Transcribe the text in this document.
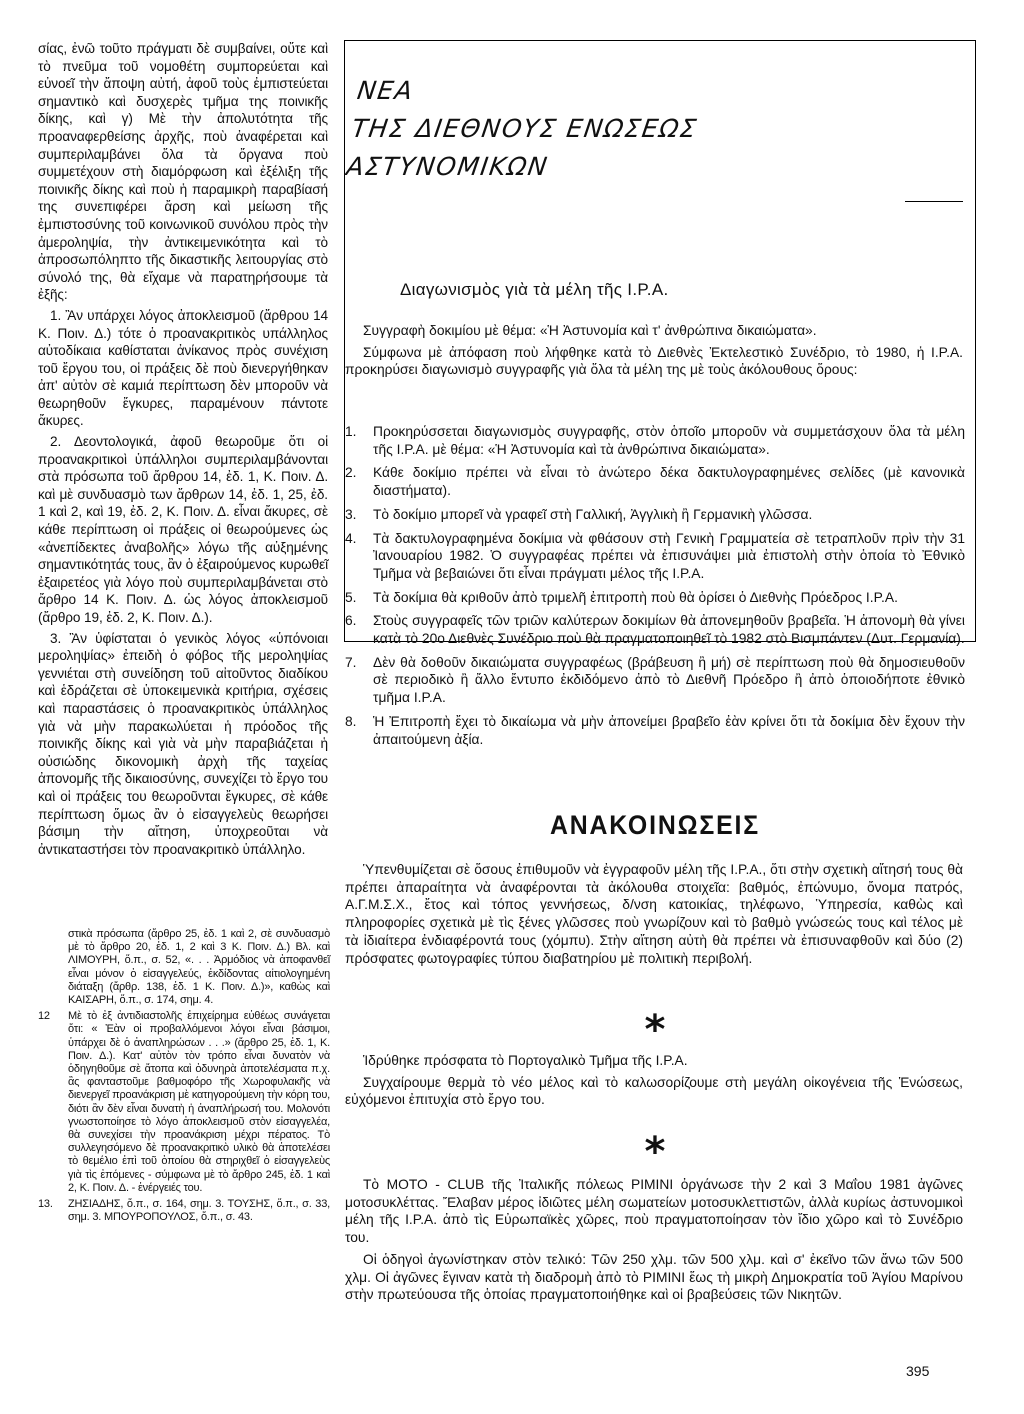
σίας, ἐνῶ τοῦτο πράγματι δὲ συμβαίνει, οὔτε καὶ τὸ πνεῦμα τοῦ νομοθέτη συμπορεύεται καὶ εὐνοεῖ τὴν ἄποψη αὐτή, ἀφοῦ τοὺς ἐμπιστεύεται σημαντικὸ καὶ δυσχερὲς τμῆμα της ποινικῆς δίκης, καὶ γ) Μὲ τὴν ἀπολυτότητα τῆς προαναφερθείσης ἀρχῆς, ποὺ ἀναφέρεται καὶ συμπεριλαμβάνει ὅλα τὰ ὄργανα ποὺ συμμετέχουν στὴ διαμόρφωση καὶ ἐξέλιξη τῆς ποινικῆς δίκης καὶ ποὺ ἡ παραμικρὴ παραβίασή της συνεπιφέρει ἄρση καὶ μείωση τῆς ἐμπιστοσύνης τοῦ κοινωνικοῦ συνόλου πρὸς τὴν ἀμεροληψία, τὴν ἀντικειμενικότητα καὶ τὸ ἀπροσωπόληπτο τῆς δικαστικῆς λειτουργίας στὸ σύνολό της, θὰ εἴχαμε νὰ παρατηρήσουμε τὰ ἐξῆς:

1. Ἂν υπάρχει λόγος ἀποκλεισμοῦ (ἄρθρου 14 Κ. Ποιν. Δ.) τότε ὁ προανακριτικὸς υπάλληλος αὐτοδίκαια καθίσταται ἀνίκανος πρὸς συνέχιση τοῦ ἔργου του, οἱ πράξεις δὲ ποὺ διενεργήθηκαν ἀπ' αὐτὸν σὲ καμιά περίπτωση δὲν μποροῦν νὰ θεωρηθοῦν ἔγκυρες, παραμένουν πάντοτε ἄκυρες.

2. Δεοντολογικά, ἀφοῦ θεωροῦμε ὅτι οἱ προανακριτικοὶ ὑπάλληλοι συμπεριλαμβάνονται στὰ πρόσωπα τοῦ ἄρθρου 14, ἐδ. 1, Κ. Ποιν. Δ. καὶ μὲ συνδυασμὸ των ἄρθρων 14, ἐδ. 1, 25, ἐδ. 1 καὶ 2, καὶ 19, ἐδ. 2, Κ. Ποιν. Δ. εἶναι ἄκυρες, σὲ κάθε περίπτωση οἱ πράξεις οἱ θεωρούμενες ὡς «ἀνεπίδεκτες ἀναβολῆς» λόγω τῆς αὐξημένης σημαντικότητάς τους, ἂν ὁ ἐξαιρούμενος κυρωθεῖ ἐξαιρετέος γιὰ λόγο ποὺ συμπεριλαμβάνεται στὸ ἄρθρο 14 Κ. Ποιν. Δ. ὡς λόγος ἀποκλεισμοῦ (ἄρθρο 19, ἐδ. 2, Κ. Ποιν. Δ.).

3. Ἂν ὑφίσταται ὁ γενικὸς λόγος «ὑπόνοιαι μεροληψίας» ἐπειδὴ ὁ φόβος τῆς μεροληψίας γεννιέται στὴ συνείδηση τοῦ αἰτοῦντος διαδίκου καὶ ἑδράζεται σὲ ὑποκειμενικὰ κριτήρια, σχέσεις καὶ παραστάσεις ὁ προανακριτικὸς ὑπάλληλος γιὰ νὰ μὴν παρακωλύεται ἡ πρόοδος τῆς ποινικῆς δίκης καὶ γιὰ νὰ μὴν παραβιάζεται ἡ οὐσιώδης δικονομικὴ ἀρχὴ τῆς ταχείας ἀπονομῆς τῆς δικαιοσύνης, συνεχίζει τὸ ἔργο του καὶ οἱ πράξεις του θεωροῦνται ἔγκυρες, σὲ κάθε περίπτωση ὅμως ἂν ὁ εἰσαγγελεὺς θεωρήσει βάσιμη τὴν αἴτηση, ὑποχρεοῦται νὰ ἀντικαταστήσει τὸν προανακριτικὸ ὑπάλληλο.

στικὰ πρόσωπα (ἄρθρο 25, ἐδ. 1 καὶ 2, σὲ συνδυασμὸ μὲ τὸ ἄρθρο 20, ἐδ. 1, 2 καὶ 3 Κ. Ποιν. Δ.) Βλ. καὶ ΛΙΜΟΥΡΗ, ὅ.π., σ. 52, «. . . Ἀρμόδιος νὰ ἀποφανθεῖ εἶναι μόνον ὁ εἰσαγγελεύς, ἐκδίδοντας αἰτιολογημένη διάταξη (ἄρθρ. 138, ἐδ. 1 Κ. Ποιν. Δ.)», καθὼς καὶ ΚΑΙΣΑΡΗ, ὅ.π., σ. 174, σημ. 4.
12	Μὲ τὸ ἐξ ἀντιδιαστολῆς ἐπιχείρημα εὐθέως συνάγεται ὅτι: « Ἐὰν οἱ προβαλλόμενοι λόγοι εἶναι βάσιμοι, ὑπάρχει δὲ ὁ ἀναπληρώσων . . .» (ἄρθρο 25, ἐδ. 1, Κ. Ποιν. Δ.). Κατ' αὐτὸν τὸν τρόπο εἶναι δυνατὸν νὰ ὁδηγηθοῦμε σὲ ἄτοπα καὶ ὀδυνηρὰ ἀποτελέσματα π.χ. ἂς φανταστοῦμε βαθμοφόρο τῆς Χωροφυλακῆς νὰ διενεργεῖ προανάκριση μὲ κατηγορούμενη τὴν κόρη του, διότι ἂν δὲν εἶναι δυνατὴ ἡ ἀναπλήρωσή του. Μολονότι γνωστοποίησε τὸ λόγο ἀποκλεισμοῦ στὸν εἰσαγγελέα, θὰ συνεχίσει τὴν προανάκριση μέχρι πέρατος. Τὸ συλλεγησόμενο δὲ προανακριτικὸ υλικὸ θὰ ἀποτελέσει τὸ θεμέλιο ἐπὶ τοῦ ὁποίου θὰ στηριχθεῖ ὁ εἰσαγγελεὺς γιὰ τὶς ἐπόμενες - σύμφωνα μὲ τὸ ἄρθρο 245, ἐδ. 1 καὶ 2, Κ. Ποιν. Δ. - ἐνέργειές του.
13.	ΖΗΣΙΑΔΗΣ, ὅ.π., σ. 164, σημ. 3. ΤΟΥΣΗΣ, ὅ.π., σ. 33, σημ. 3. ΜΠΟΥΡΟΠΟΥΛΟΣ, ὅ.π., σ. 43.
ΝΕΑ
ΤΗΣ ΔΙΕΘΝΟΥΣ ΕΝΩΣΕΩΣ
ΑΣΤΥΝΟΜΙΚΩΝ
Διαγωνισμὸς γιὰ τὰ μέλη τῆς Ι.Ρ.Α.

Συγγραφὴ δοκιμίου μὲ θέμα: «Ἡ Ἀστυνομία καὶ τ' ἀνθρώπινα δικαιώματα».

Σύμφωνα μὲ ἀπόφαση ποὺ λήφθηκε κατὰ τὸ Διεθνὲς Ἐκτελεστικὸ Συνέδριο, τὸ 1980, ἡ Ι.Ρ.Α. προκηρύσει διαγωνισμὸ συγγραφῆς γιὰ ὅλα τὰ μέλη της μὲ τοὺς ἀκόλουθους ὅρους:

1. Προκηρύσσεται διαγωνισμὸς συγγραφῆς, στὸν ὁποῖο μποροῦν νὰ συμμετάσχουν ὅλα τὰ μέλη τῆς Ι.Ρ.Α. μὲ θέμα: «Ἡ Ἀστυνομία καὶ τὰ ἀνθρώπινα δικαιώματα».
2. Κάθε δοκίμιο πρέπει νὰ εἶναι τὸ ἀνώτερο δέκα δακτυλογραφημένες σελίδες (μὲ κανονικὰ διαστήματα).
3. Τὸ δοκίμιο μπορεῖ νὰ γραφεῖ στὴ Γαλλική, Ἀγγλικὴ ἢ Γερμανικὴ γλῶσσα.
4. Τὰ δακτυλογραφημένα δοκίμια νὰ φθάσουν στὴ Γενικὴ Γραμματεία σὲ τετραπλοῦν πρὶν τὴν 31 Ἰανουαρίου 1982. Ὁ συγγραφέας πρέπει νὰ ἐπισυνάψει μιὰ ἐπιστολὴ στὴν ὁποία τὸ Ἐθνικὸ Τμῆμα νὰ βεβαιώνει ὅτι εἶναι πράγματι μέλος τῆς Ι.Ρ.Α.
5. Τὰ δοκίμια θὰ κριθοῦν ἀπὸ τριμελῆ ἐπιτροπὴ ποὺ θὰ ὁρίσει ὁ Διεθνὴς Πρόεδρος Ι.Ρ.Α.
6. Στοὺς συγγραφεῖς τῶν τριῶν καλύτερων δοκιμίων θὰ ἀπονεμηθοῦν βραβεῖα. Ἡ ἀπονομὴ θὰ γίνει κατὰ τὸ 20ο Διεθνὲς Συνέδριο ποὺ θὰ πραγματοποιηθεῖ τὸ 1982 στὸ Βισμπάντεν (Δυτ. Γερμανία).
7. Δὲν θὰ δοθοῦν δικαιώματα συγγραφέως (βράβευση ἢ μή) σὲ περίπτωση ποὺ θὰ δημοσιευθοῦν σὲ περιοδικὸ ἢ ἄλλο ἔντυπο ἐκδιδόμενο ἀπὸ τὸ Διεθνῆ Πρόεδρο ἢ ἀπὸ ὁποιοδήποτε ἐθνικὸ τμῆμα Ι.Ρ.Α.
8. Ἡ Ἐπιτροπὴ ἔχει τὸ δικαίωμα νὰ μὴν ἀπονείμει βραβεῖο ἐὰν κρίνει ὅτι τὰ δοκίμια δὲν ἔχουν τὴν ἀπαιτούμενη ἀξία.
ΑΝΑΚΟΙΝΩΣΕΙΣ

Ὑπενθυμίζεται σὲ ὅσους ἐπιθυμοῦν νὰ ἐγγραφοῦν μέλη τῆς Ι.Ρ.Α., ὅτι στὴν σχετικὴ αἴτησή τους θὰ πρέπει ἀπαραίτητα νὰ ἀναφέρονται τὰ ἀκόλουθα στοιχεῖα: βαθμός, ἐπώνυμο, ὄνομα πατρός, Α.Γ.Μ.Σ.Χ., ἔτος καὶ τόπος γεννήσεως, δ/νση κατοικίας, τηλέφωνο, Ὑπηρεσία, καθὼς καὶ πληροφορίες σχετικὰ μὲ τὶς ξένες γλῶσσες ποὺ γνωρίζουν καὶ τὸ βαθμὸ γνώσεώς τους καὶ τέλος μὲ τὰ ἰδιαίτερα ἐνδιαφέροντά τους (χόμπυ). Στὴν αἴτηση αὐτὴ θὰ πρέπει νὰ ἐπισυναφθοῦν καὶ δύο (2) πρόσφατες φωτογραφίες τύπου διαβατηρίου μὲ πολιτικὴ περιβολή.

*

Ἱδρύθηκε πρόσφατα τὸ Πορτογαλικὸ Τμῆμα τῆς Ι.Ρ.Α.

Συγχαίρουμε θερμὰ τὸ νέο μέλος καὶ τὸ καλωσορίζουμε στὴ μεγάλη οἰκογένεια τῆς Ἑνώσεως, εὐχόμενοι ἐπιτυχία στὸ ἔργο του.

*

Τὸ ΜΟΤΟ - CLUB τῆς Ἰταλικῆς πόλεως ΡΙΜΙΝΙ ὀργάνωσε τὴν 2 καὶ 3 Μαΐου 1981 ἀγῶνες μοτοσυκλέττας. Ἔλαβαν μέρος ἰδιῶτες μέλη σωματείων μοτοσυκλεττιστῶν, ἀλλὰ κυρίως ἀστυνομικοὶ μέλη τῆς Ι.Ρ.Α. ἀπὸ τὶς Εὐρωπαϊκὲς χῶρες, ποὺ πραγματοποίησαν τὸν ἴδιο χῶρο καὶ τὸ Συνέδριο του.

Οἱ ὁδηγοὶ ἀγωνίστηκαν στὸν τελικό: Τῶν 250 χλμ. τῶν 500 χλμ. καὶ σ' ἐκεῖνο τῶν ἄνω τῶν 500 χλμ. Οἱ ἀγῶνες ἔγιναν κατὰ τὴ διαδρομὴ ἀπὸ τὸ ΡΙΜΙΝΙ ἕως τὴ μικρὴ Δημοκρατία τοῦ Ἁγίου Μαρίνου στὴν πρωτεύουσα τῆς ὁποίας πραγματοποιήθηκε καὶ οἱ βραβεύσεις τῶν Νικητῶν.

395
